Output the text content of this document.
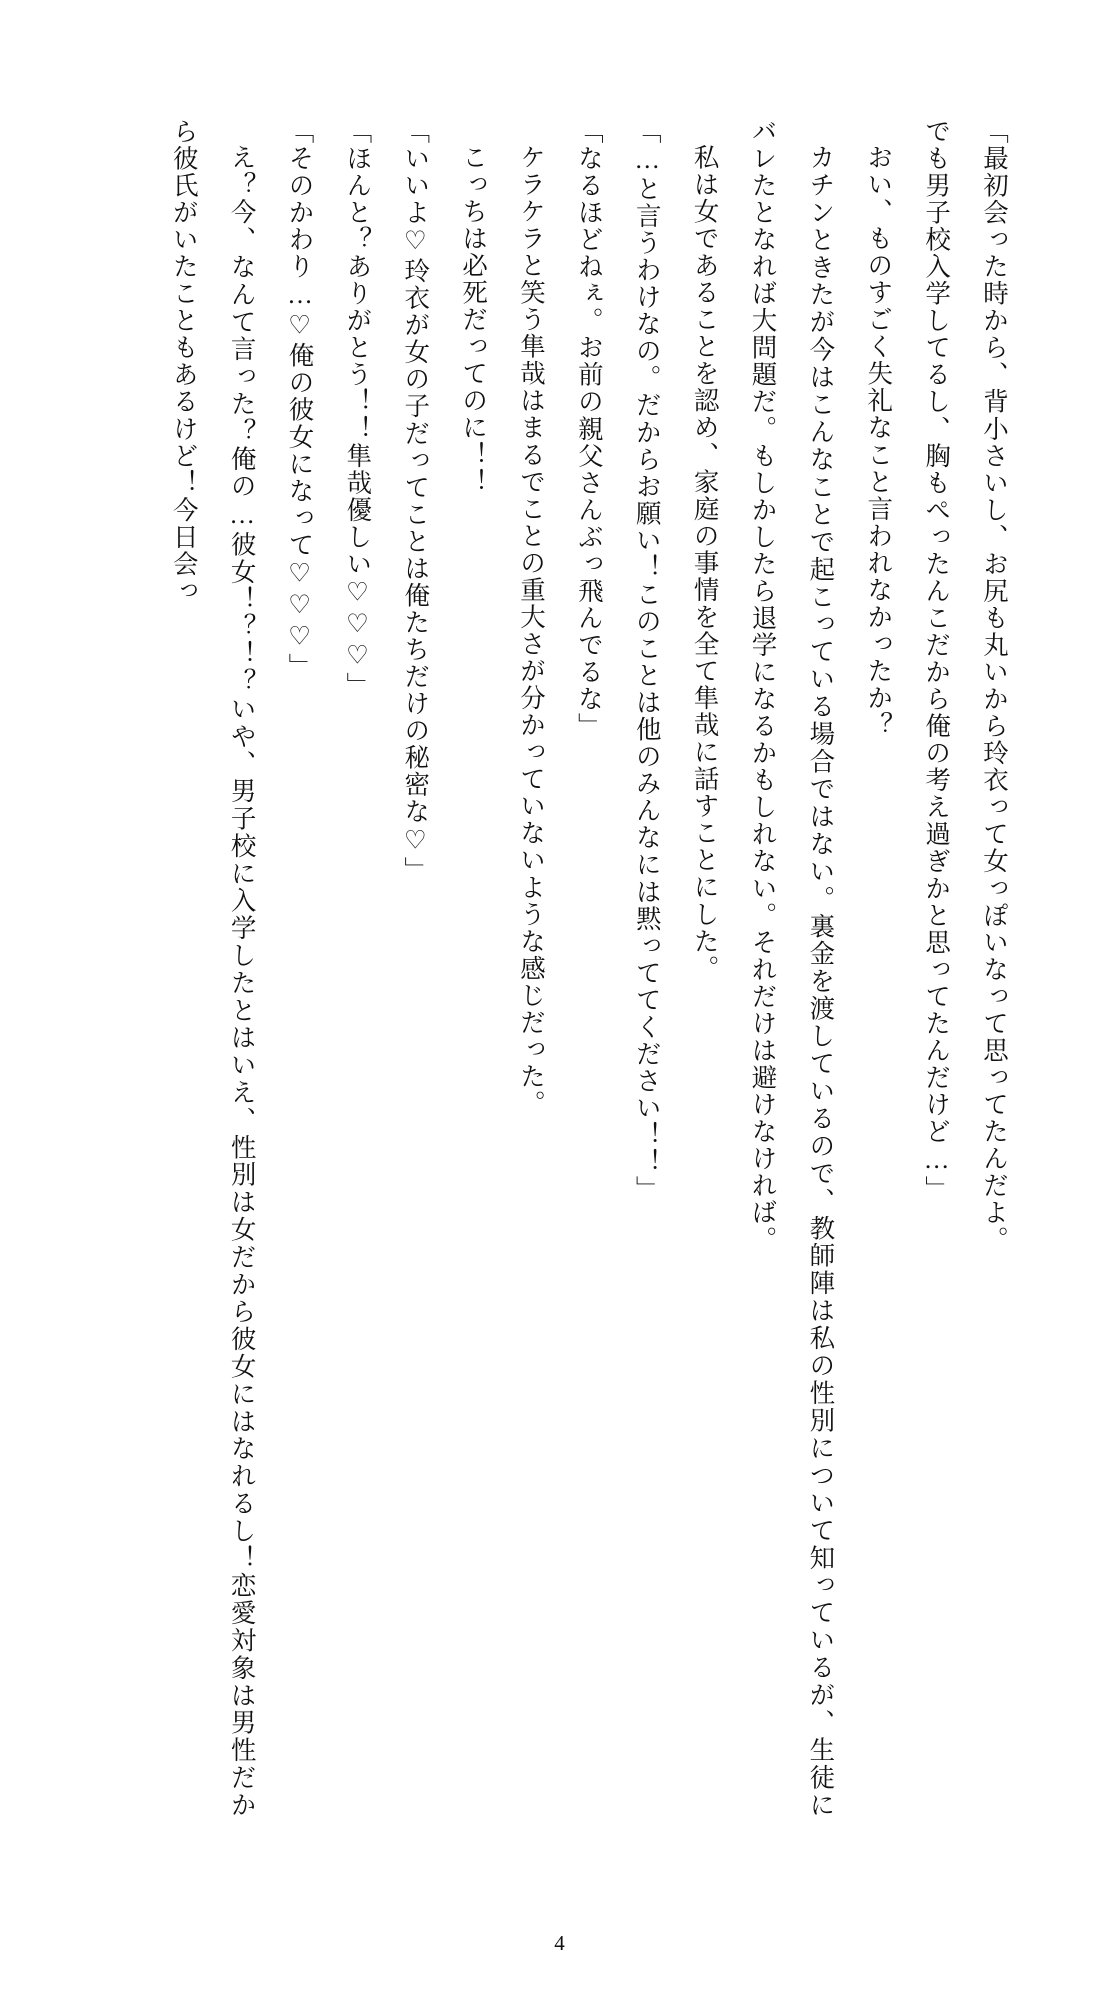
「最初会った時から、背小さいし、お尻も丸いから玲衣って女っぽいなって思ってたんだよ。

でも男子校入学してるし、胸もぺったんこだから俺の考え過ぎかと思ってたんだけど…」

おい、ものすごく失礼なこと言われなかったか？

カチンときたが今はこんなことで起こっている場合ではない。裏金を渡しているので、教師陣は私の性別について知っているが、生徒にバレたとなれば大問題だ。もしかしたら退学になるかもしれない。それだけは避けなければ。

私は女であることを認め、家庭の事情を全て隼哉に話すことにした。

「…と言うわけなの。だからお願い！このことは他のみんなには黙っててください！！」

「なるほどねぇ。お前の親父さんぶっ飛んでるな」

ケラケラと笑う隼哉はまるでことの重大さが分かっていないような感じだった。

こっちは必死だってのに！！

「いいよ♡玲衣が女の子だってことは俺たちだけの秘密な♡」

「ほんと？ありがとう！！隼哉優しい♡♡♡」

「そのかわり…♡俺の彼女になって♡♡♡」

え？今、なんて言った？俺の…彼女！？！？いや、男子校に入学したとはいえ、性別は女だから彼女にはなれるし！恋愛対象は男性だから彼氏がいたこともあるけど！今日会っ

4
